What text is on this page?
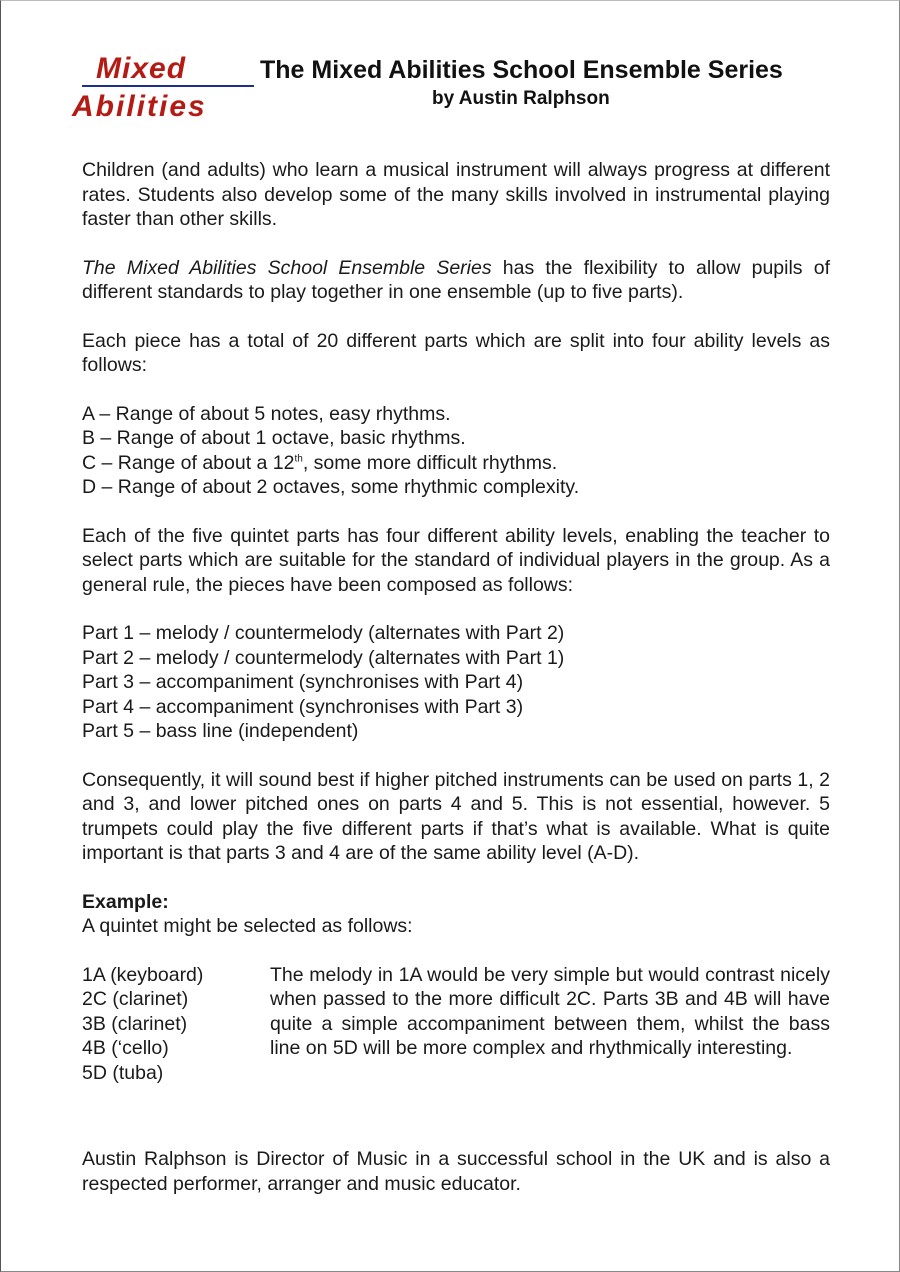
Mixed
Abilities
The Mixed Abilities School Ensemble Series
by Austin Ralphson

Children (and adults) who learn a musical instrument will always progress at different rates. Students also develop some of the many skills involved in instrumental playing faster than other skills.

The Mixed Abilities School Ensemble Series has the flexibility to allow pupils of different standards to play together in one ensemble (up to five parts).

Each piece has a total of 20 different parts which are split into four ability levels as follows:

A – Range of about 5 notes, easy rhythms.
B – Range of about 1 octave, basic rhythms.
C – Range of about a 12th, some more difficult rhythms.
D – Range of about 2 octaves, some rhythmic complexity.

Each of the five quintet parts has four different ability levels, enabling the teacher to select parts which are suitable for the standard of individual players in the group. As a general rule, the pieces have been composed as follows:

Part 1 – melody / countermelody (alternates with Part 2)
Part 2 – melody / countermelody (alternates with Part 1)
Part 3 – accompaniment (synchronises with Part 4)
Part 4 – accompaniment (synchronises with Part 3)
Part 5 – bass line (independent)

Consequently, it will sound best if higher pitched instruments can be used on parts 1, 2 and 3, and lower pitched ones on parts 4 and 5. This is not essential, however. 5 trumpets could play the five different parts if that’s what is available. What is quite important is that parts 3 and 4 are of the same ability level (A-D).

Example:
A quintet might be selected as follows:
1A (keyboard)
2C (clarinet)
3B (clarinet)
4B (‘cello)
5D (tuba)

The melody in 1A would be very simple but would contrast nicely when passed to the more difficult 2C. Parts 3B and 4B will have quite a simple accompaniment between them, whilst the bass line on 5D will be more complex and rhythmically interesting.

Austin Ralphson is Director of Music in a successful school in the UK and is also a respected performer, arranger and music educator.
